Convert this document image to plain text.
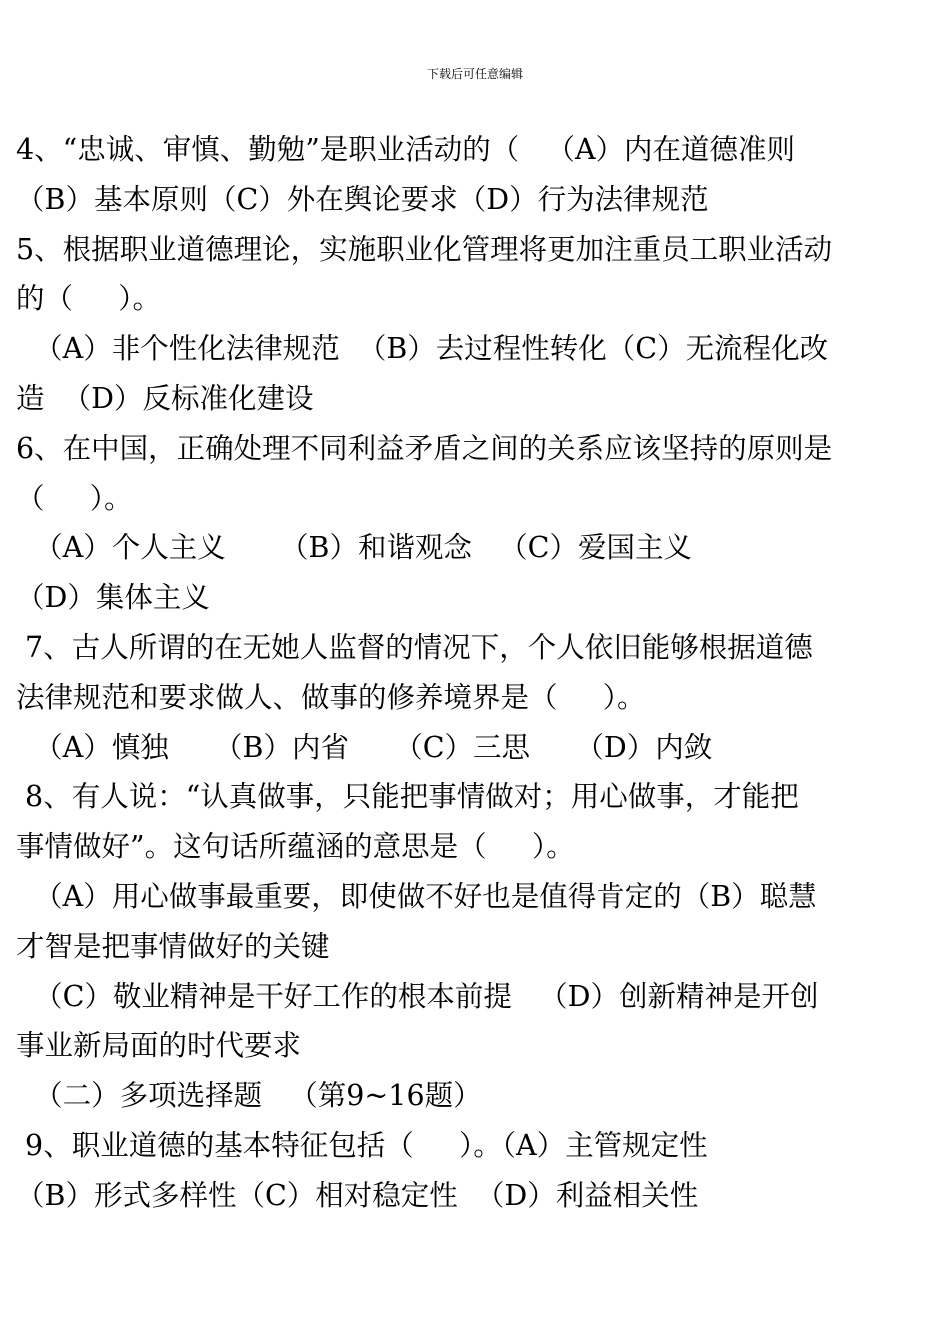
下载后可任意编辑
4、“忠诚、审慎、勤勉”是职业活动的（   （A）内在道德准则
（B）基本原则（C）外在舆论要求（D）行为法律规范
5、根据职业道德理论，实施职业化管理将更加注重员工职业活动
的（     ）。
（A）非个性化法律规范  （B）去过程性转化（C）无流程化改
造  （D）反标准化建设
6、在中国，正确处理不同利益矛盾之间的关系应该坚持的原则是
（     ）。
（A）个人主义      （B）和谐观念   （C）爱国主义
（D）集体主义
7、古人所谓的在无她人监督的情况下，个人依旧能够根据道德
法律规范和要求做人、做事的修养境界是（     ）。
（A）慎独     （B）内省     （C）三思     （D）内敛
8、有人说：“认真做事，只能把事情做对；用心做事，才能把
事情做好”。这句话所蕴涵的意思是（     ）。
（A）用心做事最重要，即使做不好也是值得肯定的（B）聪慧
才智是把事情做好的关键
（C）敬业精神是干好工作的根本前提   （D）创新精神是开创
事业新局面的时代要求
（二）多项选择题   （第9~16题）
9、职业道德的基本特征包括（     ）。（A）主管规定性
（B）形式多样性（C）相对稳定性  （D）利益相关性
